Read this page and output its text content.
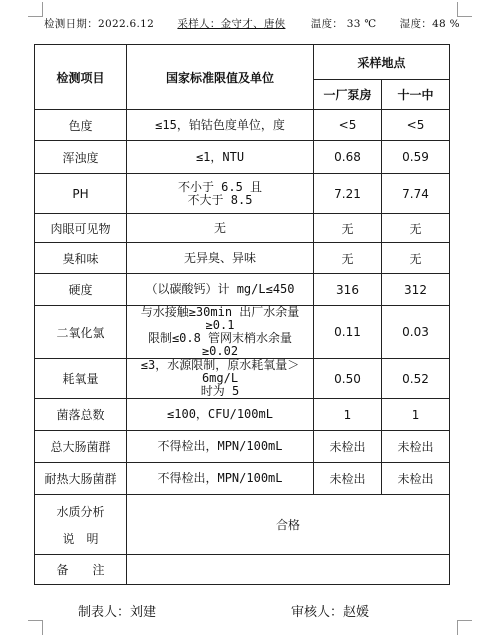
检测日期：2022.6.12 采样人：金守才、唐俠 温度： 33 ℃ 湿度：48 %
检测项目	国家标准限值及单位	采样地点	
		一厂泵房	十一中
色度	≤15，铂钴色度单位，度	<5	<5
浑浊度	≤1，NTU	0.68	0.59
PH	不小于 6.5 且
不大于 8.5	7.21	7.74
肉眼可见物	无	无	无
臭和味	无异臭、异味	无	无
硬度	（以碳酸钙）计 mg/L≤450	316	312
二氧化氯	与水接触≥30min 出厂水余量≥0.1
限制≤0.8 管网末梢水余量≥0.02	0.11	0.03
耗氧量	≤3，水源限制，原水耗氧量＞6mg/L
时为 5	0.50	0.52
菌落总数	≤100，CFU/100mL	1	1
总大肠菌群	不得检出，MPN/100mL	未检出	未检出
耐热大肠菌群	不得检出，MPN/100mL	未检出	未检出

水质分析
说　明	合格		
备　　注			
制表人：刘建	审核人：赵媛
